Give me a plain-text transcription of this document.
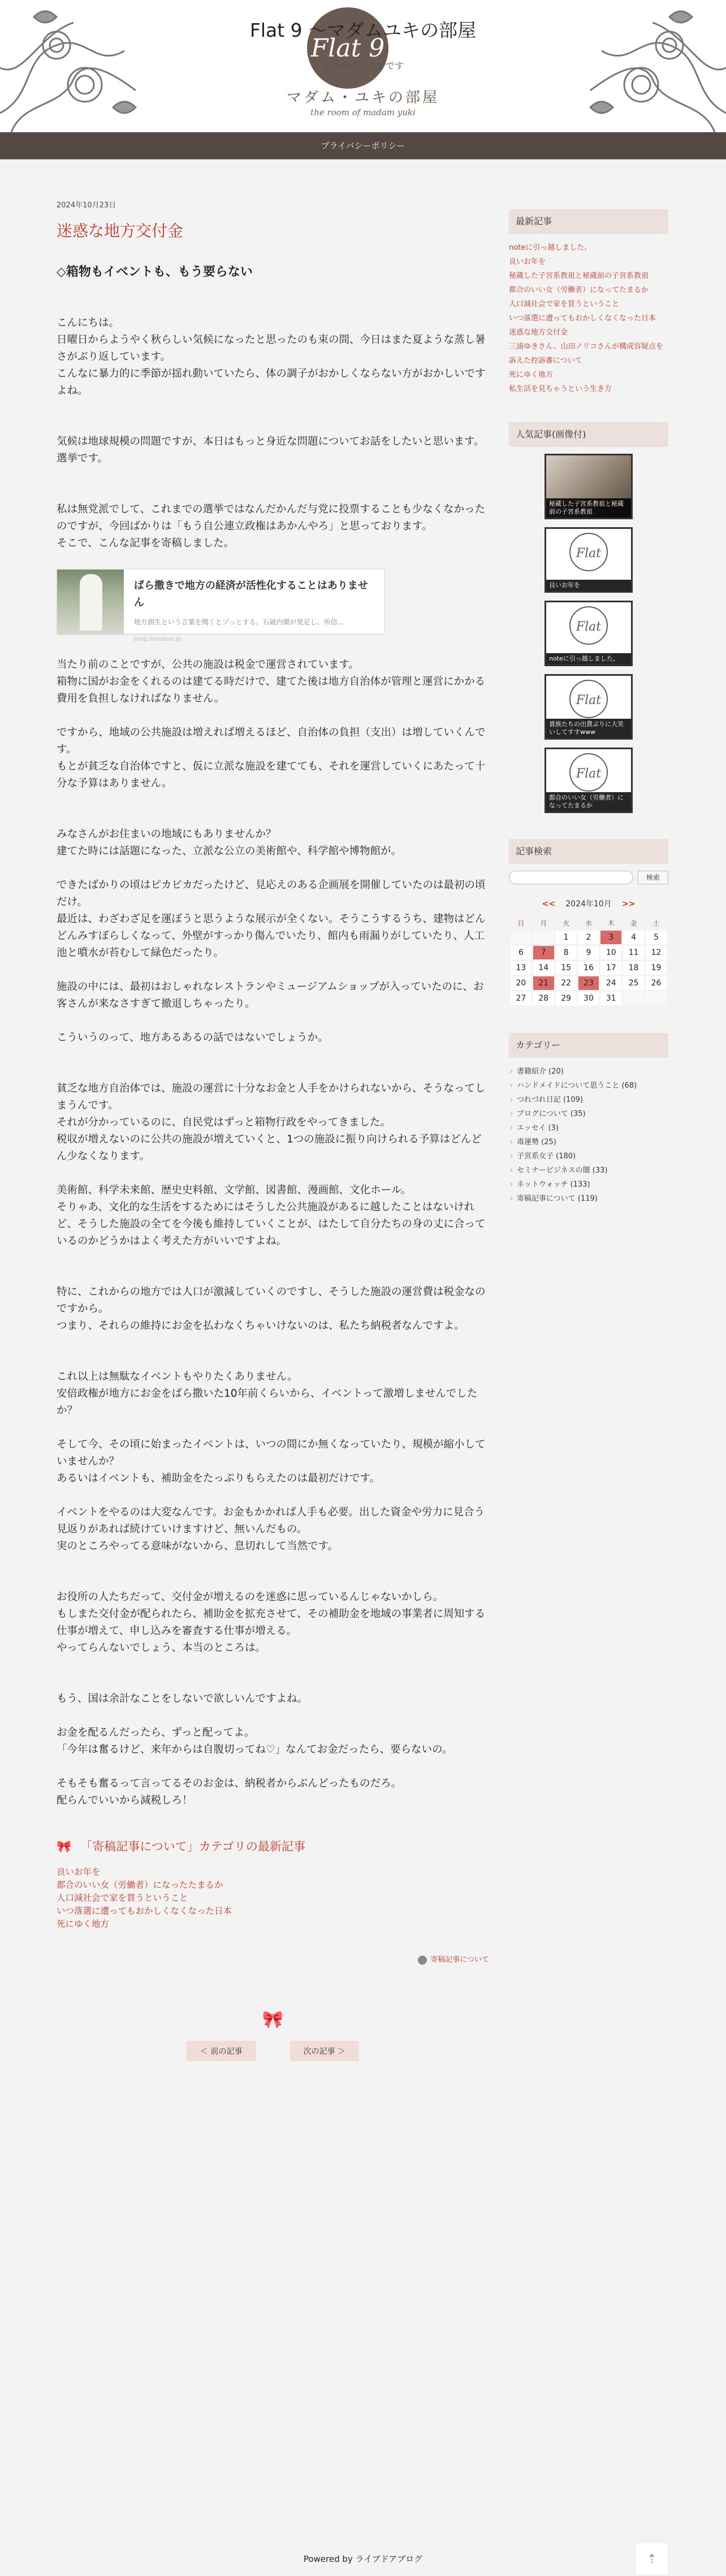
Flat 9
Flat 9 〜マダムユキの部屋
土地が語る自分です
マダム・ユキの部屋
the room of madam yuki
プライバシーポリシー
2024年10月23日
迷惑な地方交付金
◇箱物もイベントも、もう要らない

こんにちは。
日曜日からようやく秋らしい気候になったと思ったのも束の間、今日はまた夏ような蒸し暑さがぶり返しています。
こんなに暴力的に季節が揺れ動いていたら、体の調子がおかしくならない方がおかしいですよね。

気候は地球規模の問題ですが、本日はもっと身近な問題についてお話をしたいと思います。
選挙です。

私は無党派でして、これまでの選挙ではなんだかんだ与党に投票することも少なくなかったのですが、今回ばかりは「もう自公連立政権はあかんやろ」と思っております。
そこで、こんな記事を寄稿しました。

ばら撒きで地方の経済が活性化することはありません
地方創生という言葉を聞くとゾっとする。石破内閣が発足し、所信...
blog.livedoor.jp

当たり前のことですが、公共の施設は税金で運営されています。
箱物に国がお金をくれるのは建てる時だけで、建てた後は地方自治体が管理と運営にかかる費用を負担しなければなりません。

ですから、地域の公共施設は増えれば増えるほど、自治体の負担（支出）は増していくんです。
もとが貧乏な自治体ですと、仮に立派な施設を建てても、それを運営していくにあたって十分な予算はありません。

みなさんがお住まいの地域にもありませんか？
建てた時には話題になった、立派な公立の美術館や、科学館や博物館が。

できたばかりの頃はピカピカだったけど、見応えのある企画展を開催していたのは最初の頃だけ。
最近は、わざわざ足を運ぼうと思うような展示が全くない。そうこうするうち、建物はどんどんみすぼらしくなって、外壁がすっかり傷んでいたり、館内も雨漏りがしていたり、人工池と噴水が苔むして緑色だったり。

施設の中には、最初はおしゃれなレストランやミュージアムショップが入っていたのに、お客さんが来なさすぎて撤退しちゃったり。

こういうのって、地方あるあるの話ではないでしょうか。

貧乏な地方自治体では、施設の運営に十分なお金と人手をかけられないから、そうなってしまうんです。
それが分かっているのに、自民党はずっと箱物行政をやってきました。
税収が増えないのに公共の施設が増えていくと、1つの施設に振り向けられる予算はどんどん少なくなります。

美術館、科学未来館、歴史史料館、文学館、図書館、漫画館、文化ホール。
そりゃあ、文化的な生活をするためにはそうした公共施設があるに越したことはないけれど、そうした施設の全てを今後も維持していくことが、はたして自分たちの身の丈に合っているのかどうかはよく考えた方がいいですよね。

特に、これからの地方では人口が激減していくのですし、そうした施設の運営費は税金なのですから。
つまり、それらの維持にお金を払わなくちゃいけないのは、私たち納税者なんですよ。

これ以上は無駄なイベントもやりたくありません。
安倍政権が地方にお金をばら撒いた10年前くらいから、イベントって激増しませんでしたか？

そして今、その頃に始まったイベントは、いつの間にか無くなっていたり、規模が縮小していませんか？
あるいはイベントも、補助金をたっぷりもらえたのは最初だけです。

イベントをやるのは大変なんです。お金もかかれば人手も必要。出した資金や労力に見合う見返りがあれば続けていけますけど、無いんだもの。
実のところやってる意味がないから、息切れして当然です。

お役所の人たちだって、交付金が増えるのを迷惑に思っているんじゃないかしら。
もしまた交付金が配られたら、補助金を拡充させて、その補助金を地域の事業者に周知する仕事が増えて、申し込みを審査する仕事が増える。
やってらんないでしょう、本当のところは。

もう、国は余計なことをしないで欲しいんですよね。

お金を配るんだったら、ずっと配ってよ。
「今年は奮るけど、来年からは自腹切ってね♡」なんてお金だったら、要らないの。

そもそも奮るって言ってるそのお金は、納税者からぶんどったものだろ。
配らんでいいから減税しろ！

🎀 「寄稿記事について」カテゴリの最新記事
良いお年を
都合のいい女（労働者）になったたまるか
人口減社会で家を買うということ
いつ落選に遭ってもおかしくなくなった日本
死にゆく地方
寄稿記事について
🎀
＜ 前の記事	次の記事 ＞
最新記事
noteに引っ越しました。
良いお年を
秘蔵した子宮系教祖と秘蔵前の子宮系教祖
都合のいい女（労働者）になってたまるか
人口減社会で家を買うということ
いつ落選に遭ってもおかしくなくなった日本
迷惑な地方交付金
三浦ゆきさん、山田ノリコさんが構成容疑点を訴えた控訴審について
死にゆく地方
私生活を見ちゃうという生き方
人気記事(画像付)
秘蔵した子宮系教祖と秘蔵前の子宮系教祖
Flat
良いお年を
Flat
noteに引っ越しました。
Flat
貴族たちの出費ぶりに大笑いしてすすwww
Flat
都合のいい女（労働者）になってたまるか
記事検索
検索
<< 2024年10月 >>
日	月	火	水	木	金	土
		1	2	3	4	5
6	7	8	9	10	11	12
13	14	15	16	17	18	19
20	21	22	23	24	25	26
27	28	29	30	31		
カテゴリー
› 書籍紹介 (20)
› ハンドメイドについて思うこと (68)
› つれづれ日記 (109)
› ブログについて (35)
› エッセイ (3)
› 毒運勢 (25)
› 子宮系女子 (180)
› セミナービジネスの闇 (33)
› ネットウォッチ (133)
› 寄稿記事について (119)
Powered by ライブドアブログ	⇡
